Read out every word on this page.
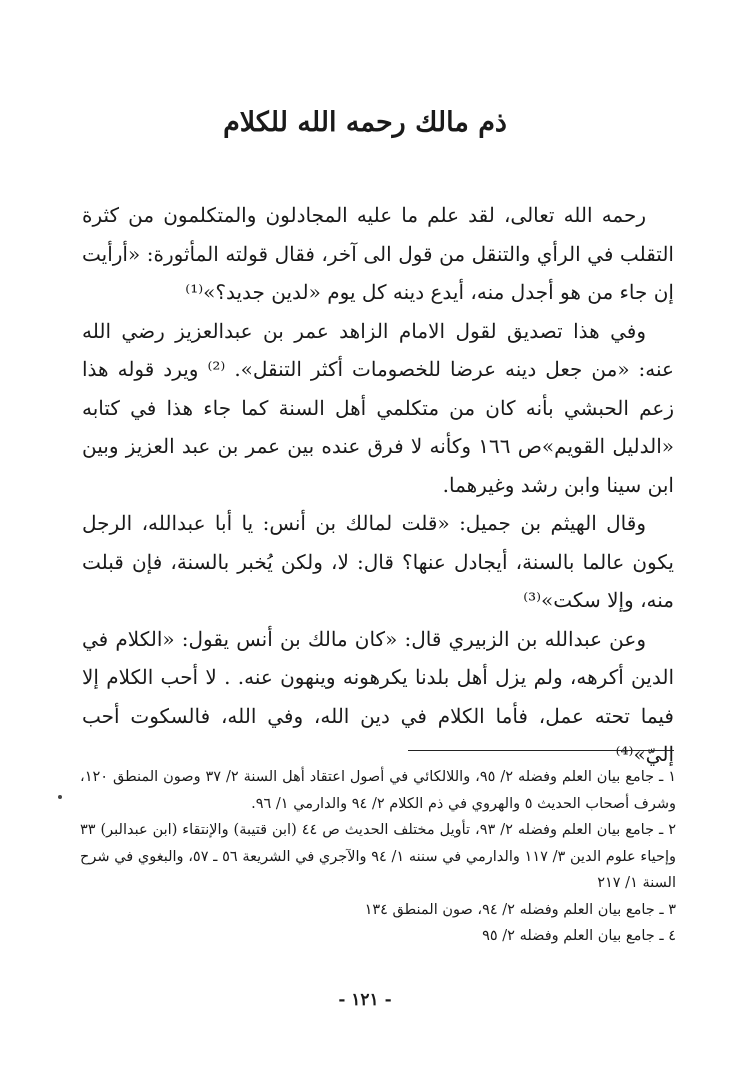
ذم مالك رحمه الله للكلام

رحمه الله تعالى، لقد علم ما عليه المجادلون والمتكلمون من كثرة التقلب في الرأي والتنقل من قول الى آخر، فقال قولته المأثورة: «أرأيت إن جاء من هو أجدل منه، أيدع دينه كل يوم «لدين جديد؟»⁽¹⁾

وفي هذا تصديق لقول الامام الزاهد عمر بن عبدالعزيز رضي الله عنه: «من جعل دينه عرضا للخصومات أكثر التنقل». ⁽²⁾ ويرد قوله هذا زعم الحبشي بأنه كان من متكلمي أهل السنة كما جاء هذا في كتابه «الدليل القويم»ص ١٦٦ وكأنه لا فرق عنده بين عمر بن عبد العزيز وبين ابن سينا وابن رشد وغيرهما.

وقال الهيثم بن جميل: «قلت لمالك بن أنس: يا أبا عبدالله، الرجل يكون عالما بالسنة، أيجادل عنها؟ قال: لا، ولكن يُخبر بالسنة، فإن قبلت منه، وإلا سكت»⁽³⁾

وعن عبدالله بن الزبيري قال: «كان مالك بن أنس يقول: «الكلام في الدين أكرهه، ولم يزل أهل بلدنا يكرهونه وينهون عنه. . لا أحب الكلام إلا فيما تحته عمل، فأما الكلام في دين الله، وفي الله، فالسكوت أحب إليّ»⁽⁴⁾

١ ـ جامع بيان العلم وفضله ٢/ ٩٥، واللالكائي في أصول اعتقاد أهل السنة ٢/ ٣٧ وصون المنطق ١٢٠، وشرف أصحاب الحديث ٥ والهروي في ذم الكلام ٢/ ٩٤ والدارمي ١/ ٩٦.

٢ ـ جامع بيان العلم وفضله ٢/ ٩٣، تأويل مختلف الحديث ص ٤٤ (ابن قتيبة) والإنتقاء (ابن عبدالبر) ٣٣ وإحياء علوم الدين ٣/ ١١٧ والدارمي في سننه ١/ ٩٤ والآجري في الشريعة ٥٦ ـ ٥٧، والبغوي في شرح السنة ١/ ٢١٧

٣ ـ جامع بيان العلم وفضله ٢/ ٩٤، صون المنطق ١٣٤

٤ ـ جامع بيان العلم وفضله ٢/ ٩٥

- ١٢١ -
